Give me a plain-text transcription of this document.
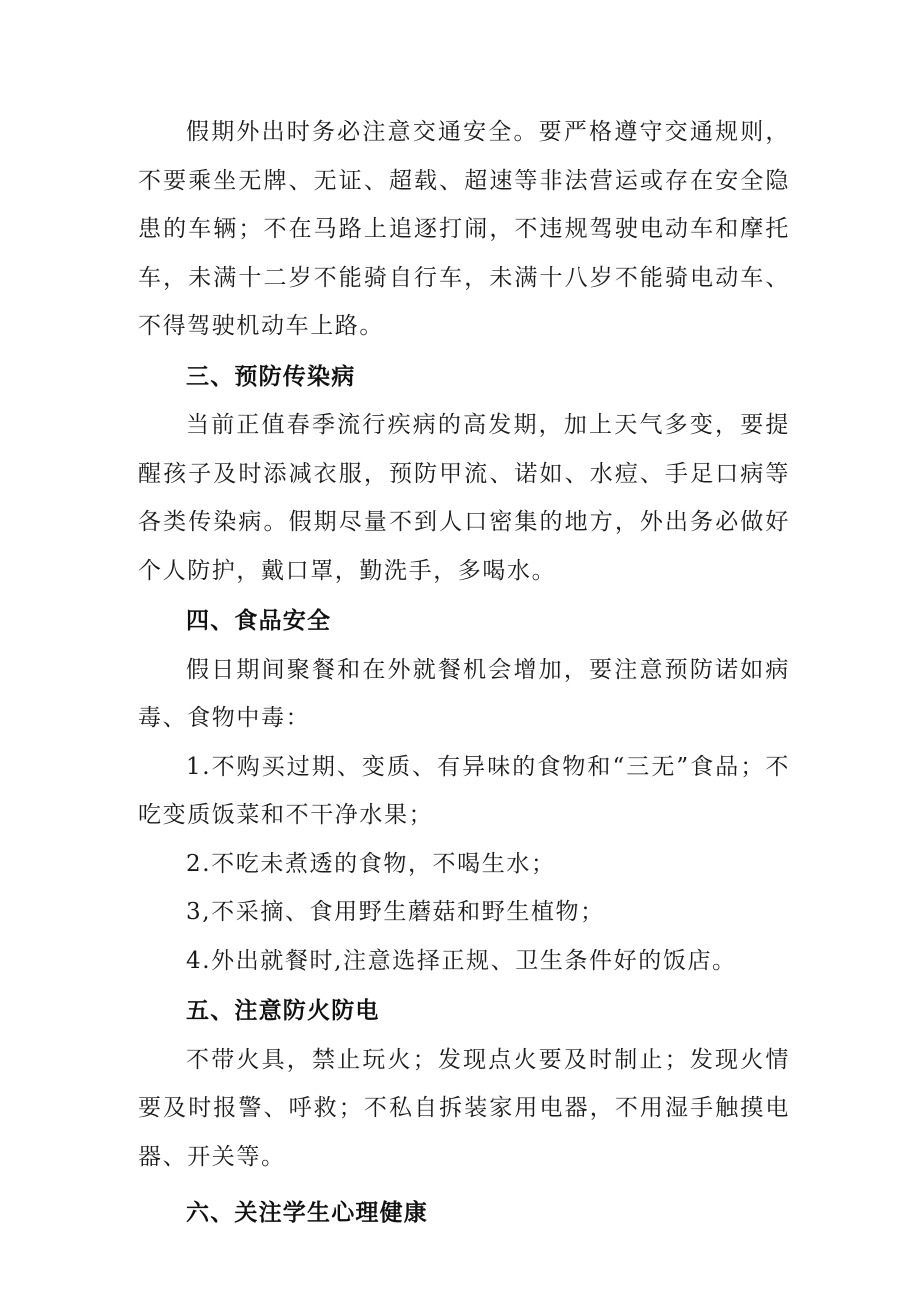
假期外出时务必注意交通安全。要严格遵守交通规则，不要乘坐无牌、无证、超载、超速等非法营运或存在安全隐患的车辆；不在马路上追逐打闹，不违规驾驶电动车和摩托车，未满十二岁不能骑自行车，未满十八岁不能骑电动车、不得驾驶机动车上路。

三、预防传染病

当前正值春季流行疾病的高发期，加上天气多变，要提醒孩子及时添减衣服，预防甲流、诺如、水痘、手足口病等各类传染病。假期尽量不到人口密集的地方，外出务必做好个人防护，戴口罩，勤洗手，多喝水。

四、食品安全

假日期间聚餐和在外就餐机会增加，要注意预防诺如病毒、食物中毒：

1.不购买过期、变质、有异味的食物和“三无”食品；不吃变质饭菜和不干净水果；

2.不吃未煮透的食物，不喝生水；

3,不采摘、食用野生蘑菇和野生植物；

4.外出就餐时,注意选择正规、卫生条件好的饭店。

五、注意防火防电

不带火具，禁止玩火；发现点火要及时制止；发现火情要及时报警、呼救；不私自拆装家用电器，不用湿手触摸电器、开关等。

六、关注学生心理健康
